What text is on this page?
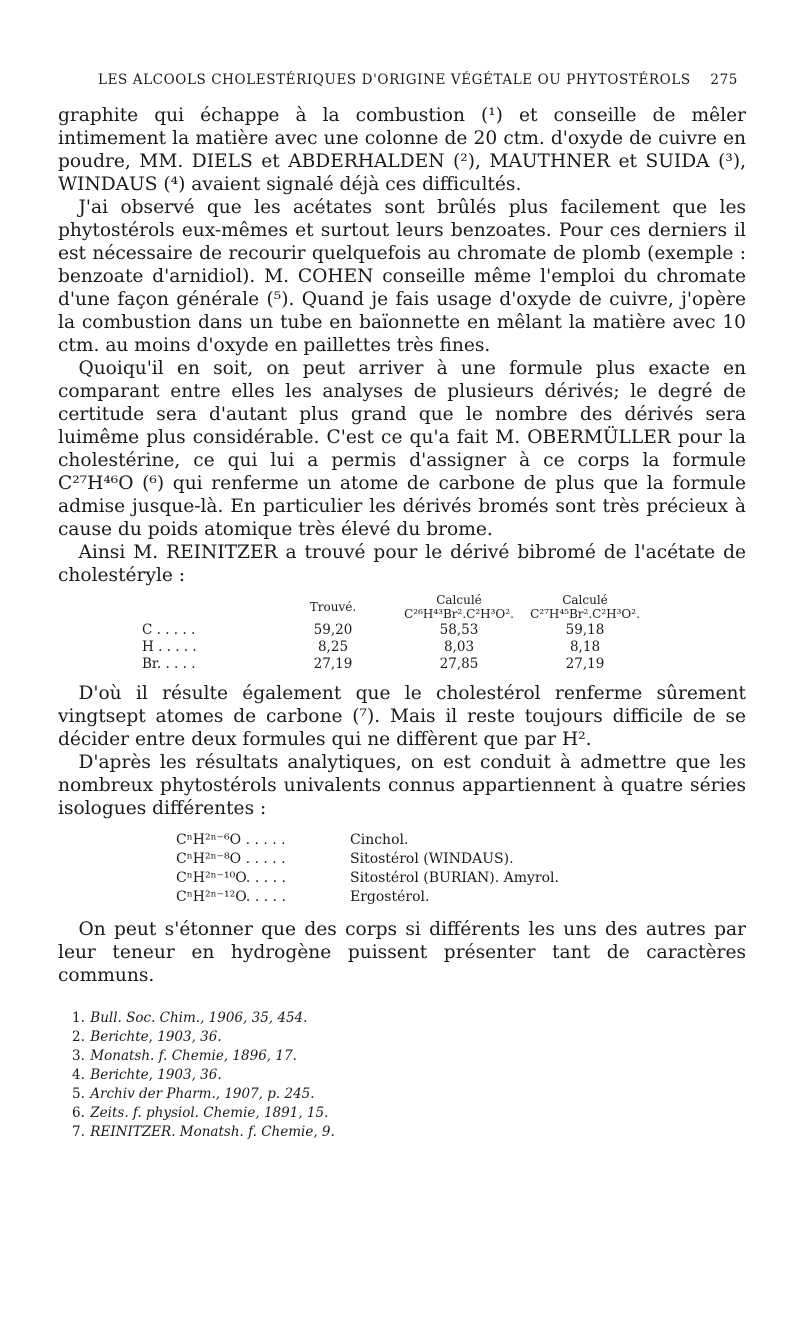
LES ALCOOLS CHOLESTÉRIQUES D'ORIGINE VÉGÉTALE OU PHYTOSTÉROLS 275

graphite qui échappe à la combustion (¹) et conseille de mêler intimement la matière avec une colonne de 20 ctm. d'oxyde de cuivre en poudre, MM. DIELS et ABDERHALDEN (²), MAUTHNER et SUIDA (³), WINDAUS (⁴) avaient signalé déjà ces difficultés.

J'ai observé que les acétates sont brûlés plus facilement que les phytostérols eux-mêmes et surtout leurs benzoates. Pour ces derniers il est nécessaire de recourir quelquefois au chromate de plomb (exemple : benzoate d'arnidiol). M. COHEN conseille même l'emploi du chromate d'une façon générale (⁵). Quand je fais usage d'oxyde de cuivre, j'opère la combustion dans un tube en baïonnette en mêlant la matière avec 10 ctm. au moins d'oxyde en paillettes très fines.

Quoiqu'il en soit, on peut arriver à une formule plus exacte en comparant entre elles les analyses de plusieurs dérivés; le degré de certitude sera d'autant plus grand que le nombre des dérivés sera luimême plus considérable. C'est ce qu'a fait M. OBERMÜLLER pour la cholestérine, ce qui lui a permis d'assigner à ce corps la formule C²⁷H⁴⁶O (⁶) qui renferme un atome de carbone de plus que la formule admise jusque-là. En particulier les dérivés bromés sont très précieux à cause du poids atomique très élevé du brome.

Ainsi M. REINITZER a trouvé pour le dérivé bibromé de l'acétate de cholestéryle :

	Trouvé.	Calculé C²⁶H⁴³Br².C²H³O².	Calculé C²⁷H⁴⁵Br².C²H³O².
C . . . . .	59,20	58,53	59,18
H . . . . .	8,25	8,03	8,18
Br. . . . .	27,19	27,85	27,19

D'où il résulte également que le cholestérol renferme sûrement vingtsept atomes de carbone (⁷). Mais il reste toujours difficile de se décider entre deux formules qui ne diffèrent que par H².

D'après les résultats analytiques, on est conduit à admettre que les nombreux phytostérols univalents connus appartiennent à quatre séries isologues différentes :

CⁿH²ⁿ⁻⁶O . . . . .	Cinchol.
CⁿH²ⁿ⁻⁸O . . . . .	Sitostérol (WINDAUS).
CⁿH²ⁿ⁻¹⁰O. . . . .	Sitostérol (BURIAN). Amyrol.
CⁿH²ⁿ⁻¹²O. . . . .	Ergostérol.

On peut s'étonner que des corps si différents les uns des autres par leur teneur en hydrogène puissent présenter tant de caractères communs.

1. Bull. Soc. Chim., 1906, 35, 454.
2. Berichte, 1903, 36.
3. Monatsh. f. Chemie, 1896, 17.
4. Berichte, 1903, 36.
5. Archiv der Pharm., 1907, p. 245.
6. Zeits. f. physiol. Chemie, 1891, 15.
7. REINITZER. Monatsh. f. Chemie, 9.
